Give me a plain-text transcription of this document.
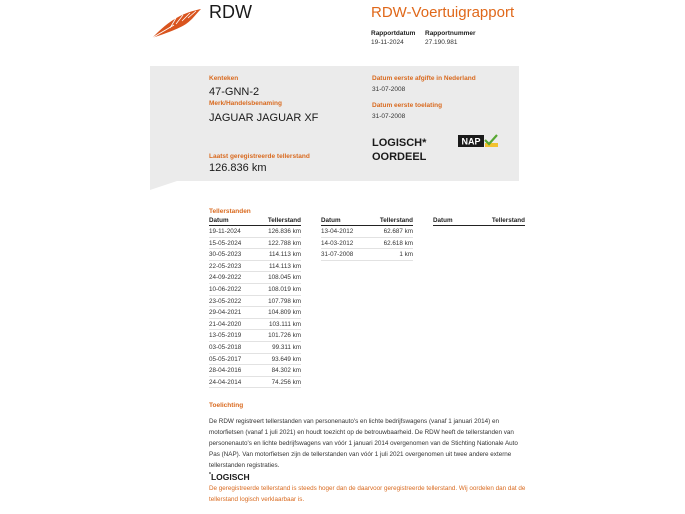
RDW	RDW-Voertuigrapport
Rapportdatum
19-11-2024
Rapportnummer
27.190.981
Kenteken
47-GNN-2
Merk/Handelsbenaming
JAGUAR JAGUAR XF
Laatst geregistreerde tellerstand
126.836 km
Datum eerste afgifte in Nederland
31-07-2008
Datum eerste toelating
31-07-2008
LOGISCH*
OORDEEL
NAP
Tellerstanden
Datum	Tellerstand
19-11-2024	126.836 km
15-05-2024	122.788 km
30-05-2023	114.113 km
22-05-2023	114.113 km
24-09-2022	108.045 km
10-06-2022	108.019 km
23-05-2022	107.798 km
29-04-2021	104.809 km
21-04-2020	103.111 km
13-05-2019	101.726 km
03-05-2018	99.311 km
05-05-2017	93.649 km
28-04-2016	84.302 km
24-04-2014	74.256 km
Datum	Tellerstand
13-04-2012	62.687 km
14-03-2012	62.618 km
31-07-2008	1 km
Datum	Tellerstand
Toelichting
De RDW registreert tellerstanden van personenauto's en lichte bedrijfswagens (vanaf 1 januari 2014) en motorfietsen (vanaf 1 juli 2021) en houdt toezicht op de betrouwbaarheid. De RDW heeft de tellerstanden van personenauto's en lichte bedrijfswagens van vóór 1 januari 2014 overgenomen van de Stichting Nationale Auto Pas (NAP). Van motorfietsen zijn de tellerstanden van vóór 1 juli 2021 overgenomen uit twee andere externe tellerstanden registraties.
*LOGISCH
De geregistreerde tellerstand is steeds hoger dan de daarvoor geregistreerde tellerstand. Wij oordelen dan dat de tellerstand logisch verklaarbaar is.
